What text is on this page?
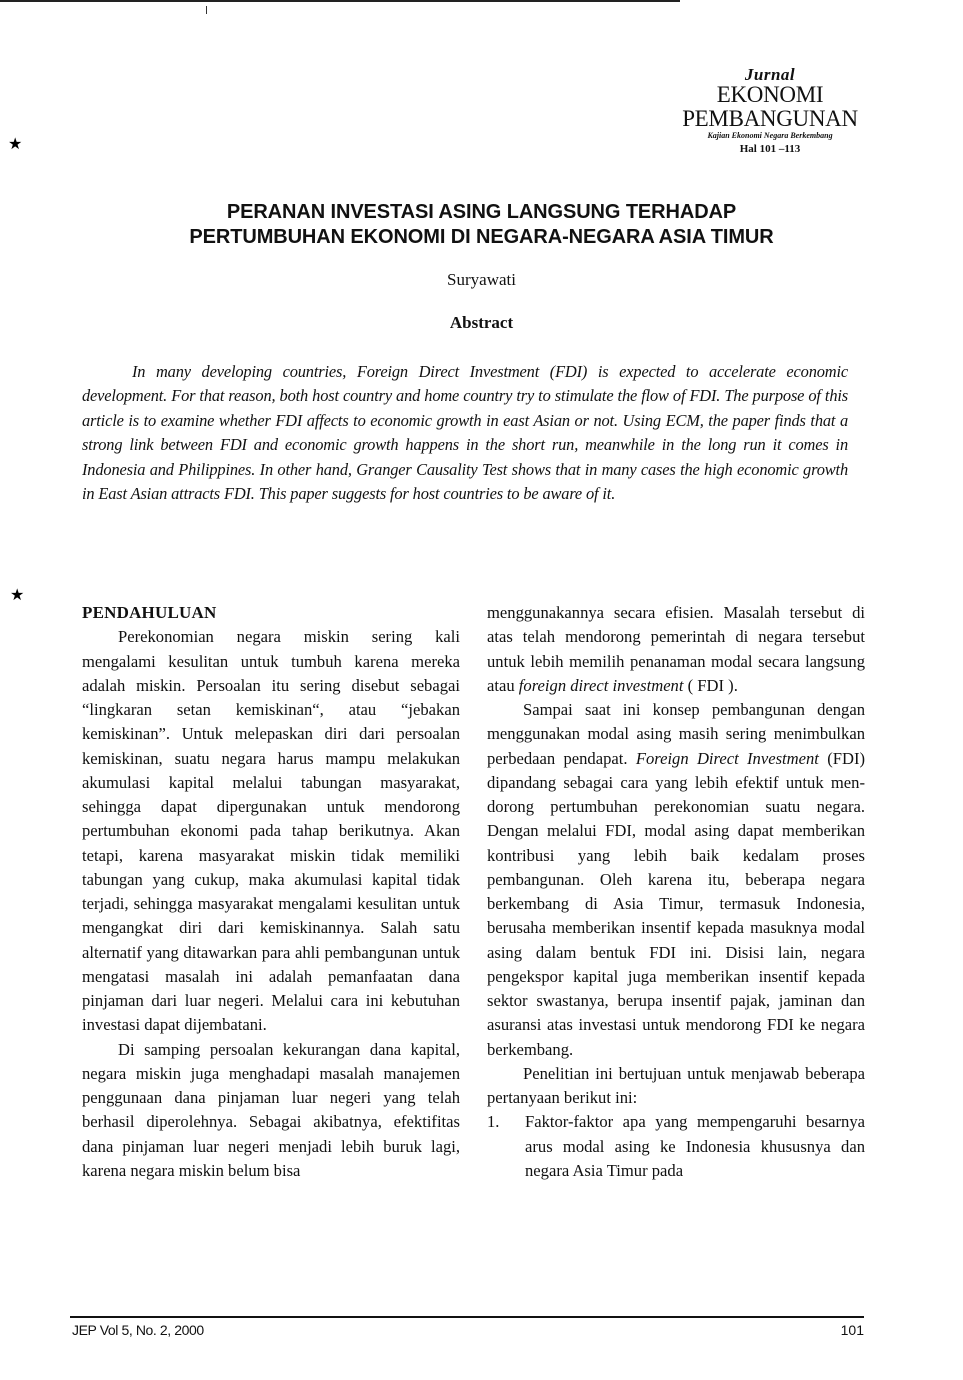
★
★
Jurnal
EKONOMI
PEMBANGUNAN
Kajian Ekonomi Negara Berkembang
Hal 101 –113
PERANAN INVESTASI ASING LANGSUNG TERHADAP
PERTUMBUHAN EKONOMI DI NEGARA-NEGARA ASIA TIMUR
Suryawati
Abstract

In many developing countries, Foreign Direct Investment (FDI) is expected to accelerate economic development. For that reason, both host country and home country try to stimulate the flow of FDI. The purpose of this article is to examine whether FDI affects to economic growth in east Asian or not. Using ECM, the paper finds that a strong link between FDI and economic growth happens in the short run, meanwhile in the long run it comes in Indonesia and Philippines. In other hand, Granger Causality Test shows that in many cases the high economic growth in East Asian attracts FDI. This paper suggests for host countries to be aware of it.

PENDAHULUAN

Perekonomian negara miskin sering kali mengalami kesulitan untuk tumbuh karena mereka adalah miskin. Persoalan itu sering disebut sebagai “lingkaran setan kemiskinan“, atau “jebakan kemiskinan”. Untuk melepaskan diri dari persoalan kemiskinan, suatu negara harus mampu melakukan akumulasi kapital melalui tabungan masyarakat, sehingga dapat dipergunakan untuk mendorong pertumbuhan ekonomi pada tahap berikutnya. Akan tetapi, karena masyarakat miskin tidak memiliki tabungan yang cukup, maka akumulasi kapital tidak terjadi, sehingga masyarakat mengalami kesulitan untuk mengangkat diri dari kemiskinannya. Salah satu alternatif yang ditawarkan para ahli pembangunan untuk mengatasi masalah ini adalah pemanfaatan dana pinjaman dari luar negeri. Melalui cara ini kebutuhan investasi dapat dijembatani.

Di samping persoalan kekurangan dana kapital, negara miskin juga menghadapi masalah manajemen penggunaan dana pinjaman luar negeri yang telah berhasil diperolehnya. Sebagai akibatnya, efektifitas dana pinjaman luar negeri menjadi lebih buruk lagi, karena negara miskin belum bisa

menggunakannya secara efisien. Masalah tersebut di atas telah mendorong pemerintah di negara tersebut untuk lebih memilih penanaman modal secara langsung atau foreign direct investment ( FDI ).

Sampai saat ini konsep pembangunan dengan menggunakan modal asing masih sering menimbulkan perbedaan pendapat. Foreign Direct Investment (FDI) dipandang sebagai cara yang lebih efektif untuk men-dorong pertumbuhan perekonomian suatu negara. Dengan melalui FDI, modal asing dapat memberikan kontribusi yang lebih baik kedalam proses pembangunan. Oleh karena itu, beberapa negara berkembang di Asia Timur, termasuk Indonesia, berusaha memberikan insentif kepada masuknya modal asing dalam bentuk FDI ini. Disisi lain, negara pengekspor kapital juga memberikan insentif kepada sektor swastanya, berupa insentif pajak, jaminan dan asuransi atas investasi untuk mendorong FDI ke negara berkembang.

Penelitian ini bertujuan untuk menjawab beberapa pertanyaan berikut ini:

1.	Faktor-faktor apa yang mempengaruhi besarnya arus modal asing ke Indonesia khususnya dan negara Asia Timur pada
JEP Vol 5, No. 2, 2000	101
